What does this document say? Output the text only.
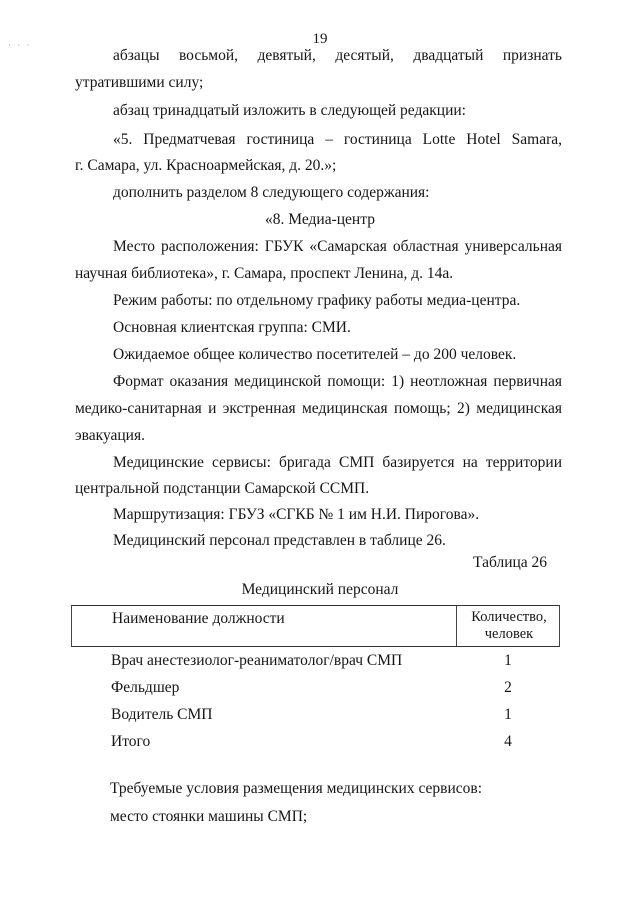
· · ·	19
абзацы восьмой, девятый, десятый, двадцатый признать
утратившими силу;
абзац тринадцатый изложить в следующей редакции:
«5. Предматчевая гостиница – гостиница Lotte Hotel Samara,
г. Самара, ул. Красноармейская, д. 20.»;
дополнить разделом 8 следующего содержания:
«8. Медиа-центр
Место расположения: ГБУК «Самарская областная универсальная
научная библиотека», г. Самара, проспект Ленина, д. 14а.
Режим работы: по отдельному графику работы медиа-центра.
Основная клиентская группа: СМИ.
Ожидаемое общее количество посетителей – до 200 человек.
Формат оказания медицинской помощи: 1) неотложная первичная
медико-санитарная и экстренная медицинская помощь; 2) медицинская
эвакуация.
Медицинские сервисы: бригада СМП базируется на территории
центральной подстанции Самарской ССМП.
Маршрутизация: ГБУЗ «СГКБ № 1 им Н.И. Пирогова».
Медицинский персонал представлен в таблице 26.
Таблица 26
Медицинский персонал
Наименование должности	Количество,
человек
Врач анестезиолог-реаниматолог/врач СМП	1
Фельдшер	2
Водитель СМП	1
Итого	4
Требуемые условия размещения медицинских сервисов:
место стоянки машины СМП;
